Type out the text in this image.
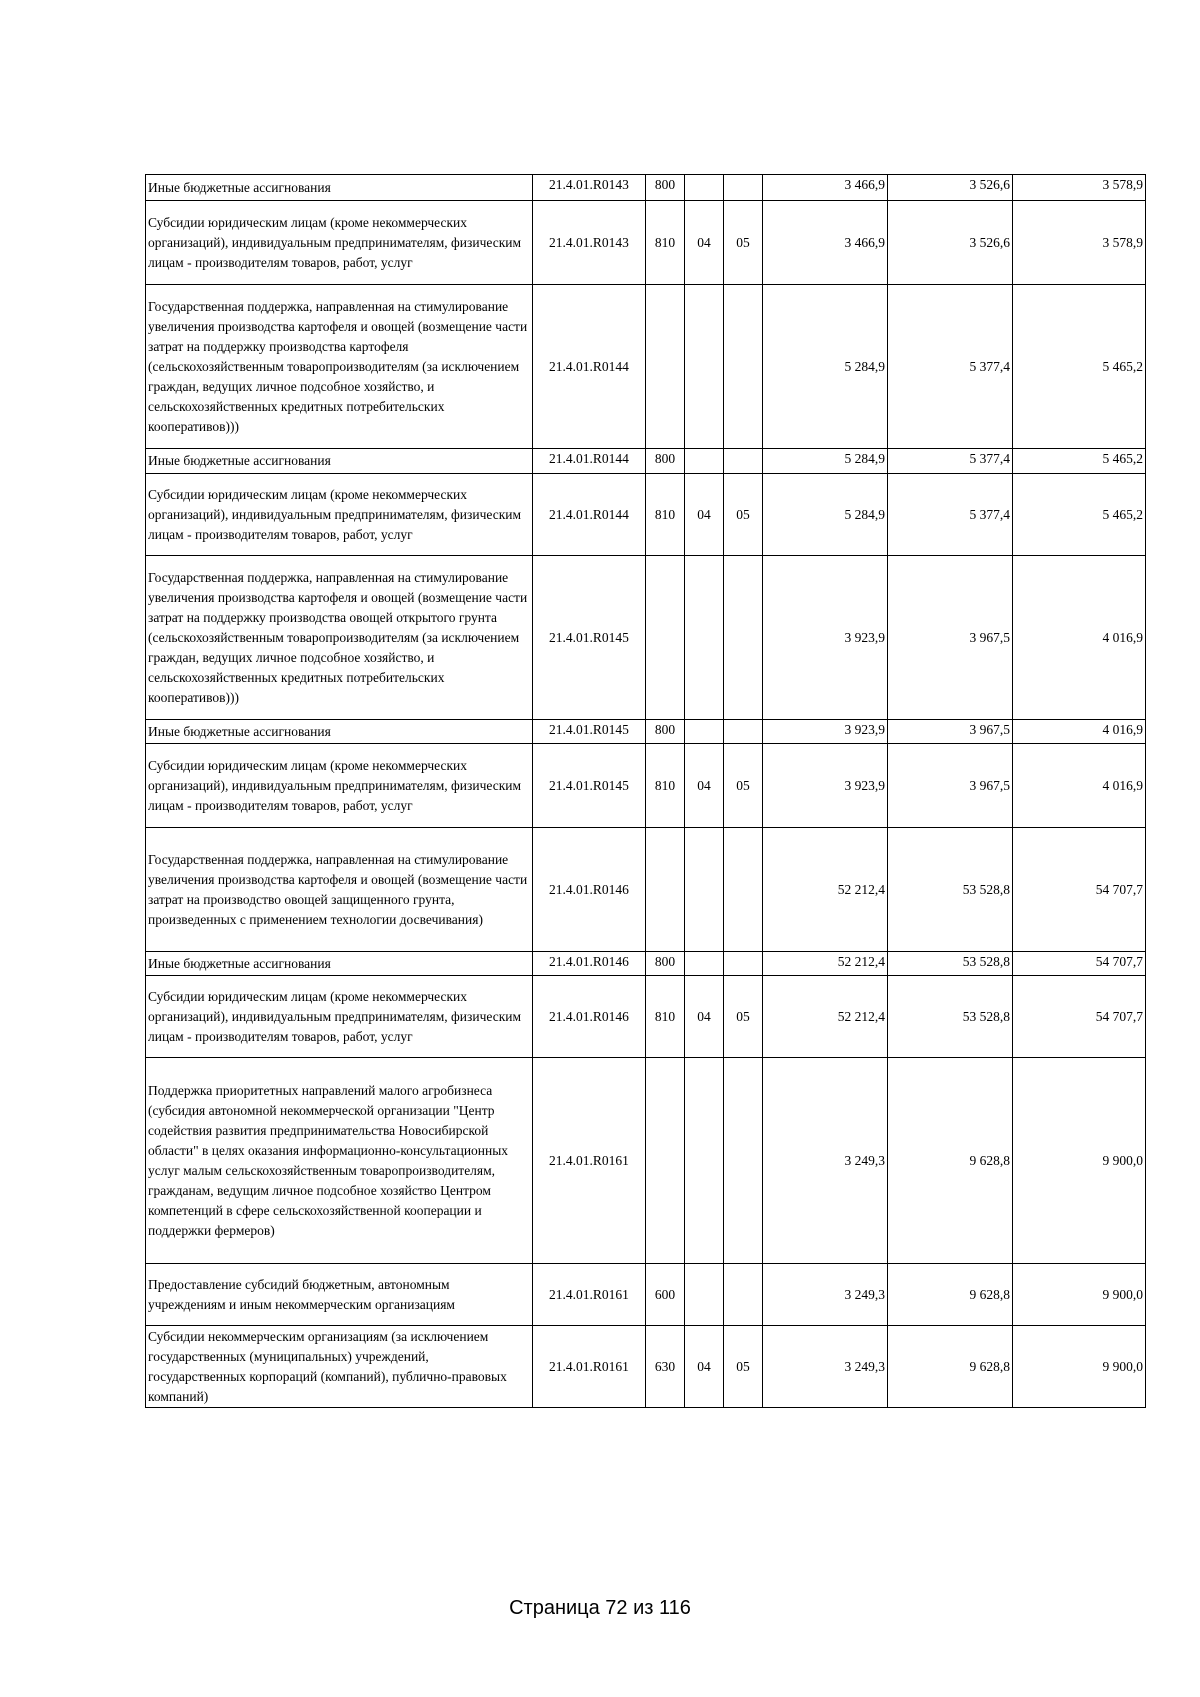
Иные бюджетные ассигнования	21.4.01.R0143	800			3 466,9	3 526,6	3 578,9
Субсидии юридическим лицам (кроме некоммерческих организаций), индивидуальным предпринимателям, физическим лицам - производителям товаров, работ, услуг	21.4.01.R0143	810	04	05	3 466,9	3 526,6	3 578,9
Государственная поддержка, направленная на стимулирование увеличения производства картофеля и овощей (возмещение части затрат на поддержку производства картофеля (сельскохозяйственным товаропроизводителям (за исключением граждан, ведущих личное подсобное хозяйство, и сельскохозяйственных кредитных потребительских кооперативов)))	21.4.01.R0144				5 284,9	5 377,4	5 465,2
Иные бюджетные ассигнования	21.4.01.R0144	800			5 284,9	5 377,4	5 465,2
Субсидии юридическим лицам (кроме некоммерческих организаций), индивидуальным предпринимателям, физическим лицам - производителям товаров, работ, услуг	21.4.01.R0144	810	04	05	5 284,9	5 377,4	5 465,2
Государственная поддержка, направленная на стимулирование увеличения производства картофеля и овощей (возмещение части затрат на поддержку производства овощей открытого грунта (сельскохозяйственным товаропроизводителям (за исключением граждан, ведущих личное подсобное хозяйство, и сельскохозяйственных кредитных потребительских кооперативов)))	21.4.01.R0145				3 923,9	3 967,5	4 016,9
Иные бюджетные ассигнования	21.4.01.R0145	800			3 923,9	3 967,5	4 016,9
Субсидии юридическим лицам (кроме некоммерческих организаций), индивидуальным предпринимателям, физическим лицам - производителям товаров, работ, услуг	21.4.01.R0145	810	04	05	3 923,9	3 967,5	4 016,9
Государственная поддержка, направленная на стимулирование увеличения производства картофеля и овощей (возмещение части затрат на производство овощей защищенного грунта, произведенных с применением технологии досвечивания)	21.4.01.R0146				52 212,4	53 528,8	54 707,7
Иные бюджетные ассигнования	21.4.01.R0146	800			52 212,4	53 528,8	54 707,7
Субсидии юридическим лицам (кроме некоммерческих организаций), индивидуальным предпринимателям, физическим лицам - производителям товаров, работ, услуг	21.4.01.R0146	810	04	05	52 212,4	53 528,8	54 707,7
Поддержка приоритетных направлений малого агробизнеса (субсидия автономной некоммерческой организации "Центр содействия развития предпринимательства Новосибирской области" в целях оказания информационно-консультационных услуг малым сельскохозяйственным товаропроизводителям, гражданам, ведущим личное подсобное хозяйство Центром компетенций в сфере сельскохозяйственной кооперации и поддержки фермеров)	21.4.01.R0161				3 249,3	9 628,8	9 900,0
Предоставление субсидий бюджетным, автономным учреждениям и иным некоммерческим организациям	21.4.01.R0161	600			3 249,3	9 628,8	9 900,0
Субсидии некоммерческим организациям (за исключением государственных (муниципальных) учреждений, государственных корпораций (компаний), публично-правовых компаний)	21.4.01.R0161	630	04	05	3 249,3	9 628,8	9 900,0
Страница 72 из 116
